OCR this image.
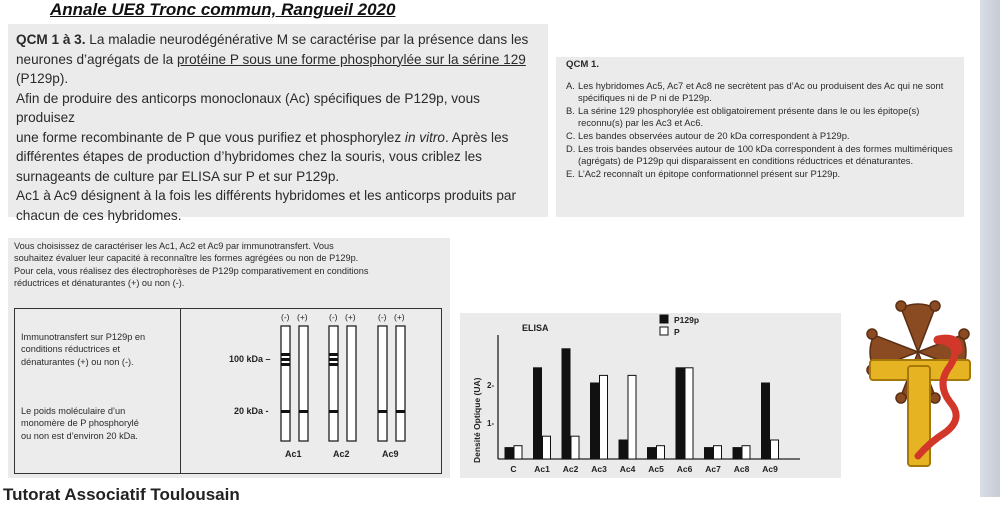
Annale UE8 Tronc commun, Rangueil 2020

QCM 1 à 3. La maladie neurodégénérative M se caractérise par la présence dans les

neurones d’agrégats de la protéine P sous une forme phosphorylée sur la sérine 129

(P129p).

Afin de produire des anticorps monoclonaux (Ac) spécifiques de P129p, vous produisez

une forme recombinante de P que vous purifiez et phosphorylez in vitro. Après les

différentes étapes de production d’hybridomes chez la souris, vous criblez les

surnageants de culture par ELISA sur P et sur P129p.

Ac1 à Ac9 désignent à la fois les différents hybridomes et les anticorps produits par

chacun de ces hybridomes.

QCM 1.
A. Les hybridomes Ac5, Ac7 et Ac8 ne secrètent pas d’Ac ou produisent des Ac qui ne sont spécifiques ni de P ni de P129p.
B. La sérine 129 phosphorylée est obligatoirement présente dans le ou les épitope(s) reconnu(s) par les Ac3 et Ac6.
C. Les bandes observées autour de 20 kDa correspondent à P129p.
D. Les trois bandes observées autour de 100 kDa correspondent à des formes multimériques (agrégats) de P129p qui disparaissent en conditions réductrices et dénaturantes.
E. L’Ac2 reconnaît un épitope conformationnel présent sur P129p.
Vous choisissez de caractériser les Ac1, Ac2 et Ac9 par immunotransfert. Vous
souhaitez évaluer leur capacité à reconnaître les formes agrégées ou non de P129p.
Pour cela, vous réalisez des électrophorèses de P129p comparativement en conditions
réductrices et dénaturantes (+) ou non (-).
Immunotransfert sur P129p en
conditions réductrices et
dénaturantes (+) ou non (-).
Le poids moléculaire d’un
monomère de P phosphorylé
ou non est d’environ 20 kDa.
100 kDa –
20 kDa -
(-) (+)
Ac1
(-) (+)
Ac2
(-) (+)
Ac9
ELISA
Densité Optique (UA) 1-
2-
P129p
P
C Ac1 Ac2 Ac3 Ac4 Ac5 Ac6 Ac7 Ac8 Ac9
Tutorat Associatif Toulousain
